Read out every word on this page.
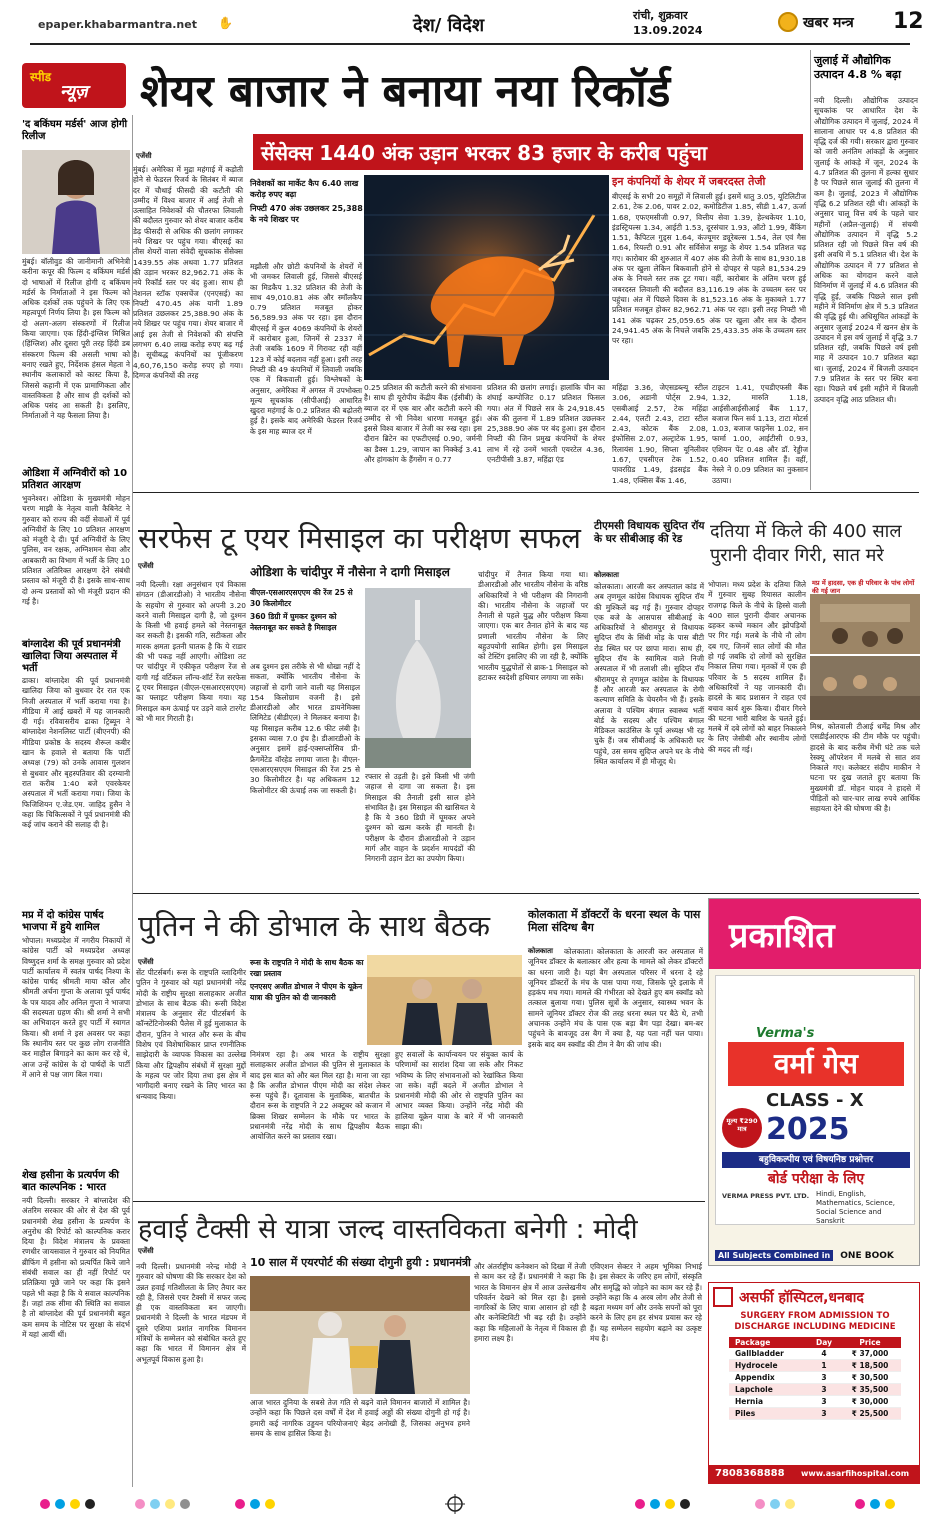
epaper.khabarmantra.net ✋	देश/ विदेश	रांची, शुक्रवार
13.09.2024	खबर मन्त्र 12
स्पीड
न्यूज़ शेयर बाजार ने बनाया नया रिकॉर्ड
सेंसेक्स 1440 अंक उड़ान भरकर 83 हजार के करीब पहुंचा
एजेंसी
मुंबई। अमेरिका में मुद्रा महंगाई में कड़ोती होने से फेडरल रिजर्व के सितंबर में ब्याज दर में चौथाई फीसदी की कटौती की उम्मीद में विश्व बाजार में आई तेजी से उत्साहित निवेशकों की चौतरफा लिवाली की बदौलत गुरुवार को शेयर बाजार करीब डेढ़ फीसदी से अधिक की छलांग लगाकर नये शिखर पर पहुंच गया। बीएसई का तीस शेयरों वाला संवेदी सूचकांक सेंसेक्स 1439.55 अंक अथवा 1.77 प्रतिशत की उड़ान भरकर 82,962.71 अंक के नये रिकॉर्ड स्तर पर बंद हुआ। साथ ही नेशनल स्टॉक एक्सचेंज (एनएसई) का निफ्टी 470.45 अंक यानी 1.89 प्रतिशत उछलकर 25,388.90 अंक के नये शिखर पर पहुंच गया। शेयर बाजार में आई इस तेजी से निवेशकों की संपत्ति लगभग 6.40 लाख करोड़ रुपए बढ़ गई है। सूचीबद्ध कंपनियों का पूंजीकरण 4,60,76,150 करोड़ रुपए हो गया। दिग्गज कंपनियों की तरह
निवेशकों का मार्केट कैप 6.40 लाख करोड़ रुपए बढ़ा
निफ्टी 470 अंक उछलकर 25,388 के नये शिखर पर
मझौली और छोटी कंपनियों के शेयरों में भी जमकर लिवाली हुई, जिससे बीएसई का मिडकैप 1.32 प्रतिशत की तेजी के साथ 49,010.81 अंक और स्मॉलकैप 0.79 प्रतिशत मजबूत होकर 56,589.93 अंक पर रहा। इस दौरान बीएसई में कुल 4069 कंपनियों के शेयरों में कारोबार हुआ, जिनमें से 2337 में तेजी जबकि 1609 में गिरावट रही वहीं 123 में कोई बदलाव नहीं हुआ। इसी तरह निफ्टी की 49 कंपनियों में लिवाली जबकि एक में बिकवाली हुई। विश्लेषकों के अनुसार, अमेरिका में अगस्त में उपभोक्ता मूल्य सूचकांक (सीपीआई) आधारित खुदरा महंगाई के 0.2 प्रतिशत की बढ़ोतरी हुई है। इसके बाद अमेरिकी फेडरल रिजर्व के इस माह ब्याज दर में
इन कंपनियों के शेयर में जबरदस्त तेजी
बीएसई के सभी 20 समूहों में लिवाली हुई। इसमें धातु 3.05, यूटिलिटीज 2.61, टेक 2.06, पावर 2.02, कमोडिटीज 1.85, सीडी 1.47, ऊर्जा 1.68, एफएमसीजी 0.97, वित्तीय सेवा 1.39, हेल्थकेयर 1.10, इंडस्ट्रियल्स 1.34, आईटी 1.53, दूरसंचार 1.93, ऑटो 1.99, बैंकिंग 1.51, कैपिटल गुड्स 1.64, कंज्यूमर ड्यूरेबल्स 1.54, तेल एवं गैस 1.64, रियल्टी 0.91 और सर्विसेज समूह के शेयर 1.54 प्रतिशत चढ़ गए। कारोबार की शुरुआत में 407 अंक की तेजी के साथ 81,930.18 अंक पर खुला लेकिन बिकवाली होने से दोपहर से पहले 81,534.29 अंक के निचले स्तर तक टूट गया। वहीं, कारोबार के अंतिम चरण हुई जबरदस्त लिवाली की बदौलत 83,116.19 अंक के उच्चतम स्तर पर पहुंचा। अंत में पिछले दिवस के 81,523.16 अंक के मुकाबले 1.77 प्रतिशत मजबूत होकर 82,962.71 अंक पर रहा। इसी तरह निफ्टी भी 141 अंक चढ़कर 25,059.65 अंक पर खुला और सत्र के दौरान 24,941.45 अंक के निचले जबकि 25,433.35 अंक के उच्चतम स्तर पर रहा।
0.25 प्रतिशत की कटौती करने की संभावना है। साथ ही यूरोपीय केंद्रीय बैंक (ईसीबी) के ब्याज दर में एक बार और कटौती करने की उम्मीद से भी निवेश धारणा मजबूत हुई। इससे विश्व बाजार में तेजी का रुख रहा। इस दौरान ब्रिटेन का एफटीएसई 0.90, जर्मनी का डैक्स 1.29, जापान का निक्केई 3.41 और हांगकांग के हैंगसेंग न 0.77
प्रतिशत की छलांग लगाई। हालांकि चीन का शंघाई कम्पोजिट 0.17 प्रतिशत फिसल गया। अंत में पिछले सत्र के 24,918.45 अंक की तुलना में 1.89 प्रतिशत उछलकर 25,388.90 अंक पर बंद हुआ। इस दौरान निफ्टी की जिन प्रमुख कंपनियों के शेयर लाभ में रहे उनमें भारती एयरटेल 4.36, एनटीपीसी 3.87, महिंद्रा एंड
महिंद्रा 3.36, जेएसडब्ल्यू स्टील 3.06, अडानी पोर्ट्स 2.94, एसबीआई 2.57, टेक महिंद्रा 2.44, एलटी 2.43, टाटा स्टील 2.43, कोटक बैंक 2.08, इंफोसिस 2.07, अल्ट्राटेक 1.95, रिलायंस 1.90, सिप्ला यूनिलीवर 1.67, एचसीएल टेक 1.52, पावरग्रिड 1.49, इंडसइंड बैंक 1.48, एक्सिस बैंक 1.46,
टाइटन 1.41, एचडीएफसी बैंक 1.32, मारुति 1.18, आईसीआईसीआई बैंक 1.17, बजाज फिन सर्व 1.13, टाटा मोटर्स 1.03, बजाज फाइनेंस 1.02, सन फार्मा 1.00, आईटीसी 0.93, एशियन पेंट 0.48 और डॉ. रेड्डीज 0.40 प्रतिशत शामिल हैं। वहीं, नेस्ले ने 0.09 प्रतिशत का नुकसान उठाया।
'द बकिंघम मर्डर्स' आज होगी रिलीज
मुंबई। बॉलीवुड की जानीमानी अभिनेत्री करीना कपूर की फिल्म द बकिंघम मर्डर्स दो भाषाओं में रिलीज होगी द बकिंघम मर्डर्स के निर्माताओं ने इस फिल्म को अधिक दर्शकों तक पहुंचने के लिए एक महत्वपूर्ण निर्णय लिया है। इस फिल्म को दो अलग-अलग संस्करणों में रिलीज किया जाएगा। एक हिंदी-इंग्लिश मिश्रित (हिंग्लिश) और दूसरा पूरी तरह हिंदी डब संस्करण फिल्म की असली भाषा को बनाए रखते हुए, निर्देशक हंसल मेहता ने स्थानीय कलाकारों को कास्ट किया है, जिससे कहानी में एक प्रामाणिकता और वास्तविकता है और साथ ही दर्शकों को अधिक पसंद आ सकती है। इसलिए, निर्माताओं ने यह फैसला लिया है।
ओडिशा में अग्निवीरों को 10 प्रतिशत आरक्षण
भुवनेश्वर। ओडिशा के मुख्यमंत्री मोहन चरण माझी के नेतृत्व वाली कैबिनेट ने गुरुवार को राज्य की वर्दी सेवाओं में पूर्व अग्निवीरों के लिए 10 प्रतिशत आरक्षण को मंजूरी दे दी। पूर्व अग्निवीरों के लिए पुलिस, वन रक्षक, अग्निशमन सेवा और आबकारी का विभाग में भर्ती के लिए 10 प्रतिशत अतिरिक्त आरक्षण देने संबंधी प्रस्ताव को मंजूरी दी है। इसके साथ-साथ दो अन्य प्रस्तावों को भी मंजूरी प्रदान की गई है।
बांग्लादेश की पूर्व प्रधानमंत्री खालिदा जिया अस्पताल में भर्ती
ढाका। बांग्लादेश की पूर्व प्रधानमंत्री खालिदा जिया को बुधवार देर रात एक निजी अस्पताल में भर्ती कराया गया है। मीडिया में आई खबरों में यह जानकारी दी गई। रविवासरीय ढाका ट्रिब्यून ने बांग्लादेश नेशनलिस्ट पार्टी (बीएनपी) की मीडिया प्रकोष्ठ के सदस्य शैरूल कबीर खान के हवाले से बताया कि पार्टी अध्यक्ष (79) को उनके आवास गुलशन से बुधवार और बृहस्पतिवार की दरम्यानी रात करीब 1:40 बजे एवरकेयर अस्पताल में भर्ती कराया गया। जिया के फिजिशियन ए.जेड.एम. जाहिद हुसैन ने कहा कि चिकित्सकों ने पूर्व प्रधानमंत्री की कई जांच कराने की सलाह दी है।
मप्र में दो कांग्रेस पार्षद भाजपा में हुये शामिल
भोपाल। मध्यप्रदेश में नगरीय निकायों में कांग्रेस पार्टी को मध्यप्रदेश अध्यक्ष विष्णुदत्त शर्मा के समक्ष गुरुवार को प्रदेश पार्टी कार्यालय में स्वतंत्र पार्षद निश्या के कांग्रेस पार्षद श्रीमती माया कौल और श्रीमती अर्चना गुप्ता के अलावा पूर्व पार्षद के पत्र यादव और अनिल गुप्ता ने भाजपा की सदस्यता ग्रहण की। श्री शर्मा ने सभी का अभिवादन करते हुए पार्टी में स्वागत किया। श्री शर्मा ने इस अवसर पर कहा कि स्थानीय स्तर पर कुछ लोग राजनीति कर माहौल बिगाड़ने का काम कर रहे थे, आज उन्हें कांग्रेस के दो पार्षदों के पार्टी में आने से पक्ष जाग बिल गया।
शेख हसीना के प्रत्यर्पण की बात काल्पनिक : भारत
नयी दिल्ली। सरकार ने बांग्लादेश की अंतरिम सरकार की ओर से देश की पूर्व प्रधानमंत्री शेख हसीना के प्रत्यर्पण के अनुरोध की रिपोर्ट को काल्पनिक करार दिया है। विदेश मंत्रालय के प्रवक्ता रणधीर जायसवाल ने गुरुवार को नियमित ब्रीफिंग में हसीना को प्रत्यर्पित किये जाने संबंधी सवाल का ही नहीं रिपोर्ट पर प्रतिक्रिया पूछे जाने पर कहा कि इसने पहले भी कहा है कि ये सवाल काल्पनिक हैं। जहां तक सीमा की स्थिति का सवाल है तो बांग्लादेश की पूर्व प्रधानमंत्री बहुत कम समय के नोटिस पर सुरक्षा के संदर्भ में यहां आयीं थीं।
जुलाई में औद्योगिक उत्पादन 4.8 % बढ़ा
नयी दिल्ली। औद्योगिक उत्पादन सूचकांक पर आधारित देश के औद्योगिक उत्पादन में जुलाई, 2024 में सालाना आधार पर 4.8 प्रतिशत की वृद्धि दर्ज की गयी। सरकार द्वारा गुरुवार को जारी अनंतिम आंकड़ों के अनुसार जुलाई के आंकड़े में जून, 2024 के 4.7 प्रतिशत की तुलना में हल्का सुधार है पर पिछले साल जुलाई की तुलना में कम है। जुलाई, 2023 में औद्योगिक वृद्धि 6.2 प्रतिशत रही थी। आंकड़ों के अनुसार चालू वित्त वर्ष के पहले चार महीनों (अप्रैल-जुलाई) में संचयी औद्योगिक उत्पादन में वृद्धि 5.2 प्रतिशत रही जो पिछले वित्त वर्ष की इसी अवधि में 5.1 प्रतिशत थी। देश के औद्योगिक उत्पादन में 77 प्रतिशत से अधिक का योगदान करने वाले विनिर्माण में जुलाई में 4.6 प्रतिशत की वृद्धि हुई, जबकि पिछले साल इसी महीने में विनिर्माण क्षेत्र में 5.3 प्रतिशत की वृद्धि हुई थी। अधिसूचित आंकड़ों के अनुसार जुलाई 2024 में खनन क्षेत्र के उत्पादन में इस वर्ष जुलाई में वृद्धि 3.7 प्रतिशत रही, जबकि पिछले वर्ष इसी माह में उत्पादन 10.7 प्रतिशत बढ़ा था। जुलाई, 2024 में बिजली उत्पादन 7.9 प्रतिशत के स्तर पर स्थिर बना रहा। पिछले वर्ष इसी महीने में बिजली उत्पादन वृद्धि आठ प्रतिशत थी।
सरफेस टू एयर मिसाइल का परीक्षण सफल
एजेंसी	ओडिशा के चांदीपुर में नौसेना ने दागी मिसाइल
नयी दिल्ली। रक्षा अनुसंधान एवं विकास संगठन (डीआरडीओ) ने भारतीय नौसेना के सहयोग से गुरुवार को अपनी 3.20 करने वाली मिसाइल दागी है, जो दुश्मन के किसी भी हवाई हमले को नेस्तनाबूत कर सकती है। इसकी गति, सटीकता और मारक क्षमता इतनी घातक है कि ये राडार की भी पकड़ नहीं आएगी। ओडिशा तट पर चांदीपुर में एकीकृत परीक्षण रेंज से दागी गई वर्टिकल लॉन्च-शॉर्ट रेंज सरफेस टू एयर मिसाइल (वीएल-एसआरएसएएम) का फ्लाइट परीक्षण किया गया। यह मिसाइल कम ऊंचाई पर उड़ने वाले टारगेट को भी मार गिराती है।
वीएल-एसआरएसएएम की रेंज 25 से 30 किलोमीटर
360 डिग्री में घुमकर दुश्मन को नेस्तनाबूत कर सकते है मिसाइल
अब दुश्मन इस तरीके से भी धोखा नहीं दे सकता, क्योंकि भारतीय नौसेना के जहाजों से दागी जाने वाली यह मिसाइल 154 किलोग्राम वजनी है। इसे डीआरडीओ और भारत डायनेमिक्स लिमिटेड (बीडीएल) ने मिलकर बनाया है। यह मिसाइल करीब 12.6 फीट लंबी है। इसका व्यास 7.0 इंच है। डीआरडीओ के अनुसार इसमें हाई-एक्सप्लोसिव प्री-फ्रैगमेंटेड वॉरहेड लगाया जाता है। वीएल-एसआरएसएएम मिसाइल की रेंज 25 से 30 किलोमीटर है। यह अधिकतम 12 किलोमीटर की ऊंचाई तक जा सकती है।
रफ्तार से उड़ती है। इसे किसी भी जंगी जहाज से दागा जा सकता है। इस मिसाइल की तैनाती इसी साल होने संभावित है। इस मिसाइल की खासियत ये है कि ये 360 डिग्री में घूमकर अपने दुश्मन को खत्म करके ही मानती है। परीक्षण के दौरान डीआरडीओ ने उड़ान मार्ग और वाहन के प्रदर्शन मापदंडों की निगरानी उड़ान डेटा का उपयोग किया।
चांदीपुर में तैनात किया गया था। डीआरडीओ और भारतीय नौसेना के वरिष्ठ अधिकारियों ने भी परीक्षण की निगरानी की। भारतीय नौसेना के जहाजों पर तैनाती से पहले युद्ध और परीक्षण किया जाएगा। एक बार तैनात होने के बाद यह प्रणाली भारतीय नौसेना के लिए बहुउपयोगी साबित होगी। इस मिसाइल को टेस्टिंग इसलिए की जा रही है, क्योंकि भारतीय युद्धपोतों से ब्राक-1 मिसाइल को हटाकर स्वदेशी हथियार लगाया जा सके।
टीएमसी विधायक सुदिप्त रॉय के घर सीबीआइ की रेड
कोलकाता
कोलकाता। आरजी कर अस्पताल कांड में अब तृणमूल कांग्रेस विधायक सुदिप्त रॉय की मुश्किलें बढ़ गई हैं। गुरुवार दोपहर एक बजे के आसपास सीबीआई के अधिकारियों ने श्रीरामपुर से विधायक सुदिप्त रॉय के सिंथी मोड़ के पास बीटी रोड स्थित घर पर छापा मारा। साथ ही, सुदिप्त रॉय के स्वामित्व वाले निजी अस्पताल में भी तलाशी ली। सुदिप्त रॉय श्रीरामपुर से तृणमूल कांग्रेस के विधायक हैं और आरजी कर अस्पताल के रोगी कल्याण समिति के चेयरमैन भी हैं। इसके अलावा वे पश्चिम बंगाल स्वास्थ्य भर्ती बोर्ड के सदस्य और पश्चिम बंगाल मेडिकल काउंसिल के पूर्व अध्यक्ष भी रह चुके हैं। जब सीबीआई के अधिकारी घर पहुंचे, उस समय सुदिप्त अपने घर के नीचे स्थित कार्यालय में ही मौजूद थे।
दतिया में किले की 400 साल पुरानी दीवार गिरी, सात मरे
भोपाल। मध्य प्रदेश के दतिया जिले में गुरुवार सुबह रियासत कालीन राजगढ़ किले के नीचे के हिस्से वाली 400 साल पुरानी दीवार अचानक ढहकर कच्चे मकान और झोपड़ियों पर गिर गई। मलबे के नीचे नौ लोग दब गए, जिनमें सात लोगों की मौत हो गई जबकि दो लोगों को सुरक्षित निकाल लिया गया। मृतकों में एक ही परिवार के 5 सदस्य शामिल हैं। अधिकारियों ने यह जानकारी दी। हादसे के बाद प्रशासन ने राहत एवं बचाव कार्य शुरू किया। दीवार गिरने की घटना भारी बारिश के चलते हुई। मलबे में दबे लोगों को बाहर निकालने के लिए जेसीबी और स्थानीय लोगों की मदद ली गई।
मप्र में हादसा, एक ही परिवार के पांच लोगों की गई जान
मिश्र, कोतवाली टीआई धर्मेंद्र मिश्र और एसडीईआरएफ की टीम मौके पर पहुंची। हादसे के बाद करीब मेंभी घंटे तक चले रेस्क्यू ऑपरेशन में मलबे से सात शव निकाले गए। कलेक्टर संदीप माकीन ने घटना पर दुख जताते हुए बताया कि मुख्यमंत्री डॉ. मोहन यादव ने हादसे में पीड़ितों को चार-चार लाख रुपये आर्थिक सहायता देने की घोषणा की है।
पुतिन ने की डोभाल के साथ बैठक
एजेंसी	रूस के राष्ट्रपति ने मोदी के साथ बैठक का रखा प्रस्ताव
एनएसए अजीत डोभाल ने पीएम के यूक्रेन यात्रा की पुतिन को दी जानकारी
सेंट पीटर्सबर्ग। रूस के राष्ट्रपति व्लादिमीर पुतिन ने गुरुवार को यहां प्रधानमंत्री नरेंद्र मोदी के राष्ट्रीय सुरक्षा सलाहकार अजीत डोभाल के साथ बैठक की। रूसी विदेश मंत्रालय के अनुसार सेंट पीटर्सबर्ग के कॉन्स्टेंटिनोव्स्की पैलेस में हुई मुलाकात के दौरान, पुतिन ने भारत और रूस के बीच विशेष एवं विशेषाधिकार प्राप्त रणनीतिक साझेदारी के व्यापक विकास का उल्लेख किया और द्विपक्षीय संबंधों में सुरक्षा मुद्दों के महत्व पर जोर दिया तथा इस क्षेत्र में भागीदारी बनाए रखने के लिए भारत का धन्यवाद किया।
निमंत्रण रहा है। अब भारत के राष्ट्रीय सुरक्षा सलाहकार अजीत डोभाल की पुतिन से मुलाकात के बाद इस बात को और बल मिल रहा है। माना जा रहा है कि अजीत डोभाल पीएम मोदी का संदेश लेकर रूस पहुंचे हैं। दूतावास के मुताबिक, बातचीत के दौरान रूस के राष्ट्रपति ने 22 अक्टूबर को कजान में ब्रिक्स शिखर सम्मेलन के मौके पर भारत के प्रधानमंत्री नरेंद्र मोदी के साथ द्विपक्षीय बैठक आयोजित करने का प्रस्ताव रखा।
हुए सवालों के कार्यान्वयन पर संयुक्त कार्य के परिणामों का सारांश दिया जा सके और निकट भविष्य के लिए संभावनाओं को रेखांकित किया जा सके। वहीं बदले में अजीत डोभाल ने प्रधानमंत्री मोदी की ओर से राष्ट्रपति पुतिन का आभार व्यक्त किया। उन्होंने नरेंद्र मोदी की हालिया यूक्रेन यात्रा के बारे में भी जानकारी साझा की।
कोलकाता में डॉक्टरों के धरना स्थल के पास मिला संदिग्ध बैग
कोलकाता	कोलकाता। कोलकाता के आरजी कर अस्पताल में जूनियर डॉक्टर के बलात्कार और हत्या के मामले को लेकर डॉक्टरों का धरना जारी है। यहां बैग अस्पताल परिसर में धरना दे रहे जूनियर डॉक्टरों के मंच के पास पाया गया, जिसके पूरे इलाके में हड़कंप मच गया। मामले की गंभीरता को देखते हुए बम स्क्वॉड को तत्काल बुलाया गया। पुलिस सूत्रों के अनुसार, स्वास्थ्य भवन के सामने जूनियर डॉक्टर रोज की तरह धरना स्थल पर बैठे थे, तभी अचानक उन्होंने मंच के पास एक बड़ा बैग पड़ा देखा। बम-बर पहुंचने के बावजूद उस बैग में क्या है, यह पता नहीं चल पाया। इसके बाद बम स्क्वॉड की टीम ने बैग की जांच की।
प्रकाशित
Verma's
वर्मा गेस
CLASS - X
2025
मूल्य ₹290 मात्र
बहुविकल्पीय एवं विषयनिष्ठ प्रश्नोत्तर
बोर्ड परीक्षा के लिए
VERMA PRESS PVT. LTD. Hindi, English, Mathematics, Science, Social Science and Sanskrit
All Subjects Combined in ONE BOOK
हवाई टैक्सी से यात्रा जल्द वास्तविकता बनेगी : मोदी
एजेंसी
10 साल में एयरपोर्ट की संख्या दोगुनी हुयी : प्रधानमंत्री
नयी दिल्ली। प्रधानमंत्री नरेन्द्र मोदी ने गुरुवार को घोषणा की कि सरकार देश को उन्नत हवाई गतिशीलता के लिए तैयार कर रही है, जिससे एयर टैक्सी में सफर जल्द ही एक वास्तविकता बन जाएगी। प्रधानमंत्री ने दिल्ली के भारत मंडपम में दूसरे एशिया प्रशांत नागरिक विमानन मंत्रियों के सम्मेलन को संबोधित करते हुए कहा कि भारत में विमानन क्षेत्र में अभूतपूर्व विकास हुआ है।
आज भारत दुनिया के सबसे तेज गति से बढ़ने वाले विमानन बाजारों में शामिल है। उन्होंने कहा कि पिछले दस वर्षों में देश में हवाई अड्डों की संख्या दोगुनी हो गई है। हमारी कई नागरिक उड्डयन परियोजनाएं बेहद अनोखी हैं, जिसका अनुभव हमने समय के साथ हासिल किया है।
और अंतर्राष्ट्रीय कनेक्शन को दिखा में तेजी से काम कर रहे हैं। प्रधानमंत्री ने कहा कि भारत के विमानन क्षेत्र में आज उल्लेखनीय परिवर्तन देखने को मिल रहा है। इससे नागरिकों के लिए यात्रा आसान हो रही है और कनेक्टिविटी भी बढ़ रही है। उन्होंने कहा कि महिलाओं के नेतृत्व में विकास ही हमारा लक्ष्य है।
एविएशन सेक्टर ने अहम भूमिका निभाई है। इस सेक्टर के जरिए हम लोगों, संस्कृति और समृद्धि को जोड़ने का काम कर रहे हैं। उन्होंने कहा कि 4 अरब लोग और तेजी से बढ़ता मध्यम वर्ग और उनके सपनों को पूरा करने के लिए हम हर संभव प्रयास कर रहे हैं। यह सम्मेलन सहयोग बढ़ाने का उत्कृष्ट मंच है।
असर्फी हॉस्पिटल,धनबाद
SURGERY FROM ADMISSION TO DISCHARGE INCLUDING MEDICINE
Package	Day	Price
Gallbladder	4	₹ 37,000
Hydrocele	1	₹ 18,500
Appendix	3	₹ 30,500
Lapchole	3	₹ 35,500
Hernia	3	₹ 30,000
Piles	3	₹ 25,500
7808368888 www.asarfihospital.com
